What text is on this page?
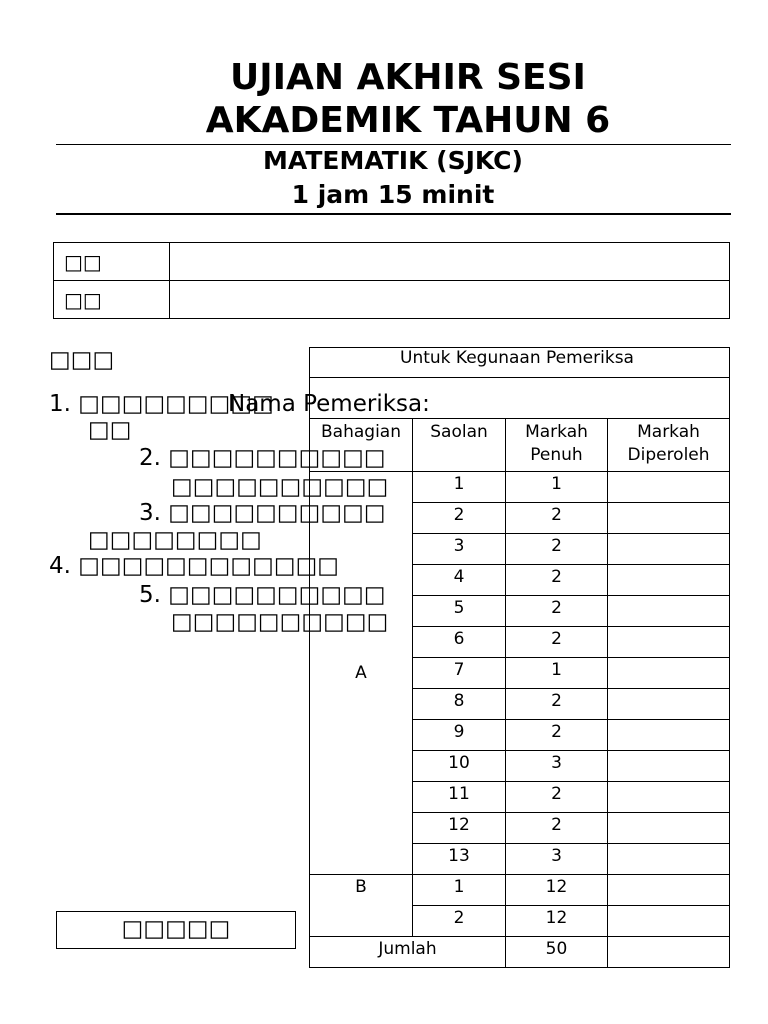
UJIAN AKHIR SESI
AKADEMIK TAHUN 6
MATEMATIK (SJKC)
1 jam 15 minit
□□	
□□	
□□□
1. □□□□□□□□□
Nama Pemeriksa:
□□
2. □□□□□□□□□□
□□□□□□□□□□
3. □□□□□□□□□□
□□□□□□□□
4. □□□□□□□□□□□□
5. □□□□□□□□□□
□□□□□□□□□□
Untuk Kegunaan Pemeriksa			

Bahagian	Saolan	Markah Penuh	Markah Diperoleh
A	1	1	
	2	2	
	3	2	
	4	2	
	5	2	
	6	2	
	7	1	
	8	2	
	9	2	
	10	3	
	11	2	
	12	2	
	13	3	
B	1	12	
	2	12	
Jumlah		50	
□□□□□
